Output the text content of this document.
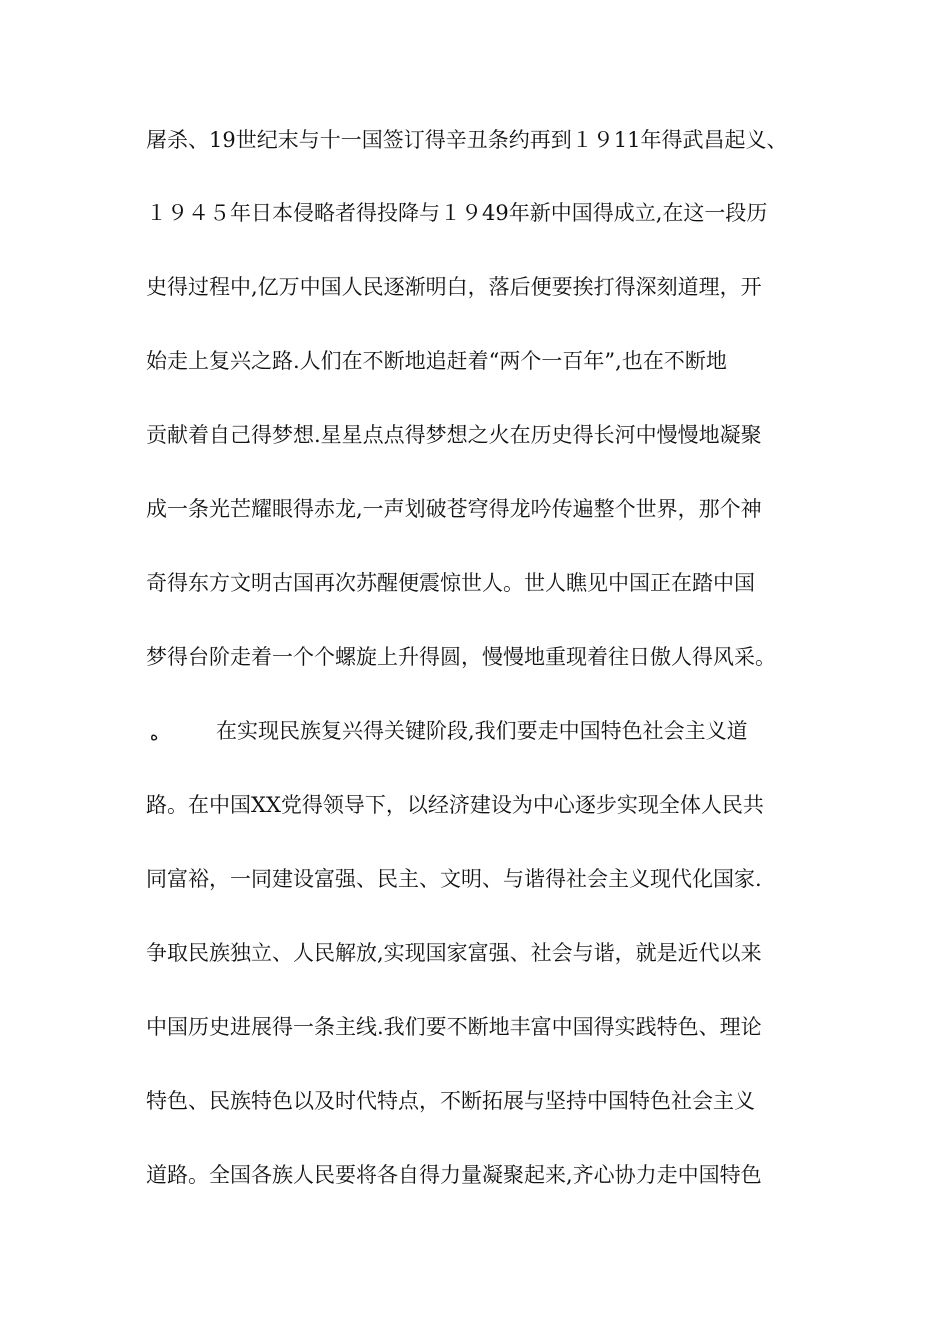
屠杀、19世纪末与十一国签订得辛丑条约再到１９11年得武昌起义、
１９４５年日本侵略者得投降与１９49年新中国得成立,在这一段历
史得过程中,亿万中国人民逐渐明白，落后便要挨打得深刻道理，开
始走上复兴之路.人们在不断地追赶着“两个一百年”,也在不断地
贡献着自己得梦想.星星点点得梦想之火在历史得长河中慢慢地凝聚
成一条光芒耀眼得赤龙,一声划破苍穹得龙吟传遍整个世界，那个神
奇得东方文明古国再次苏醒便震惊世人。世人瞧见中国正在踏中国
梦得台阶走着一个个螺旋上升得圆，慢慢地重现着往日傲人得风采。
ه	在实现民族复兴得关键阶段,我们要走中国特色社会主义道
路。在中国XX党得领导下，以经济建设为中心逐步实现全体人民共
同富裕，一同建设富强、民主、文明、与谐得社会主义现代化国家.
争取民族独立、人民解放,实现国家富强、社会与谐，就是近代以来
中国历史进展得一条主线.我们要不断地丰富中国得实践特色、理论
特色、民族特色以及时代特点，不断拓展与坚持中国特色社会主义
道路。全国各族人民要将各自得力量凝聚起来,齐心协力走中国特色
